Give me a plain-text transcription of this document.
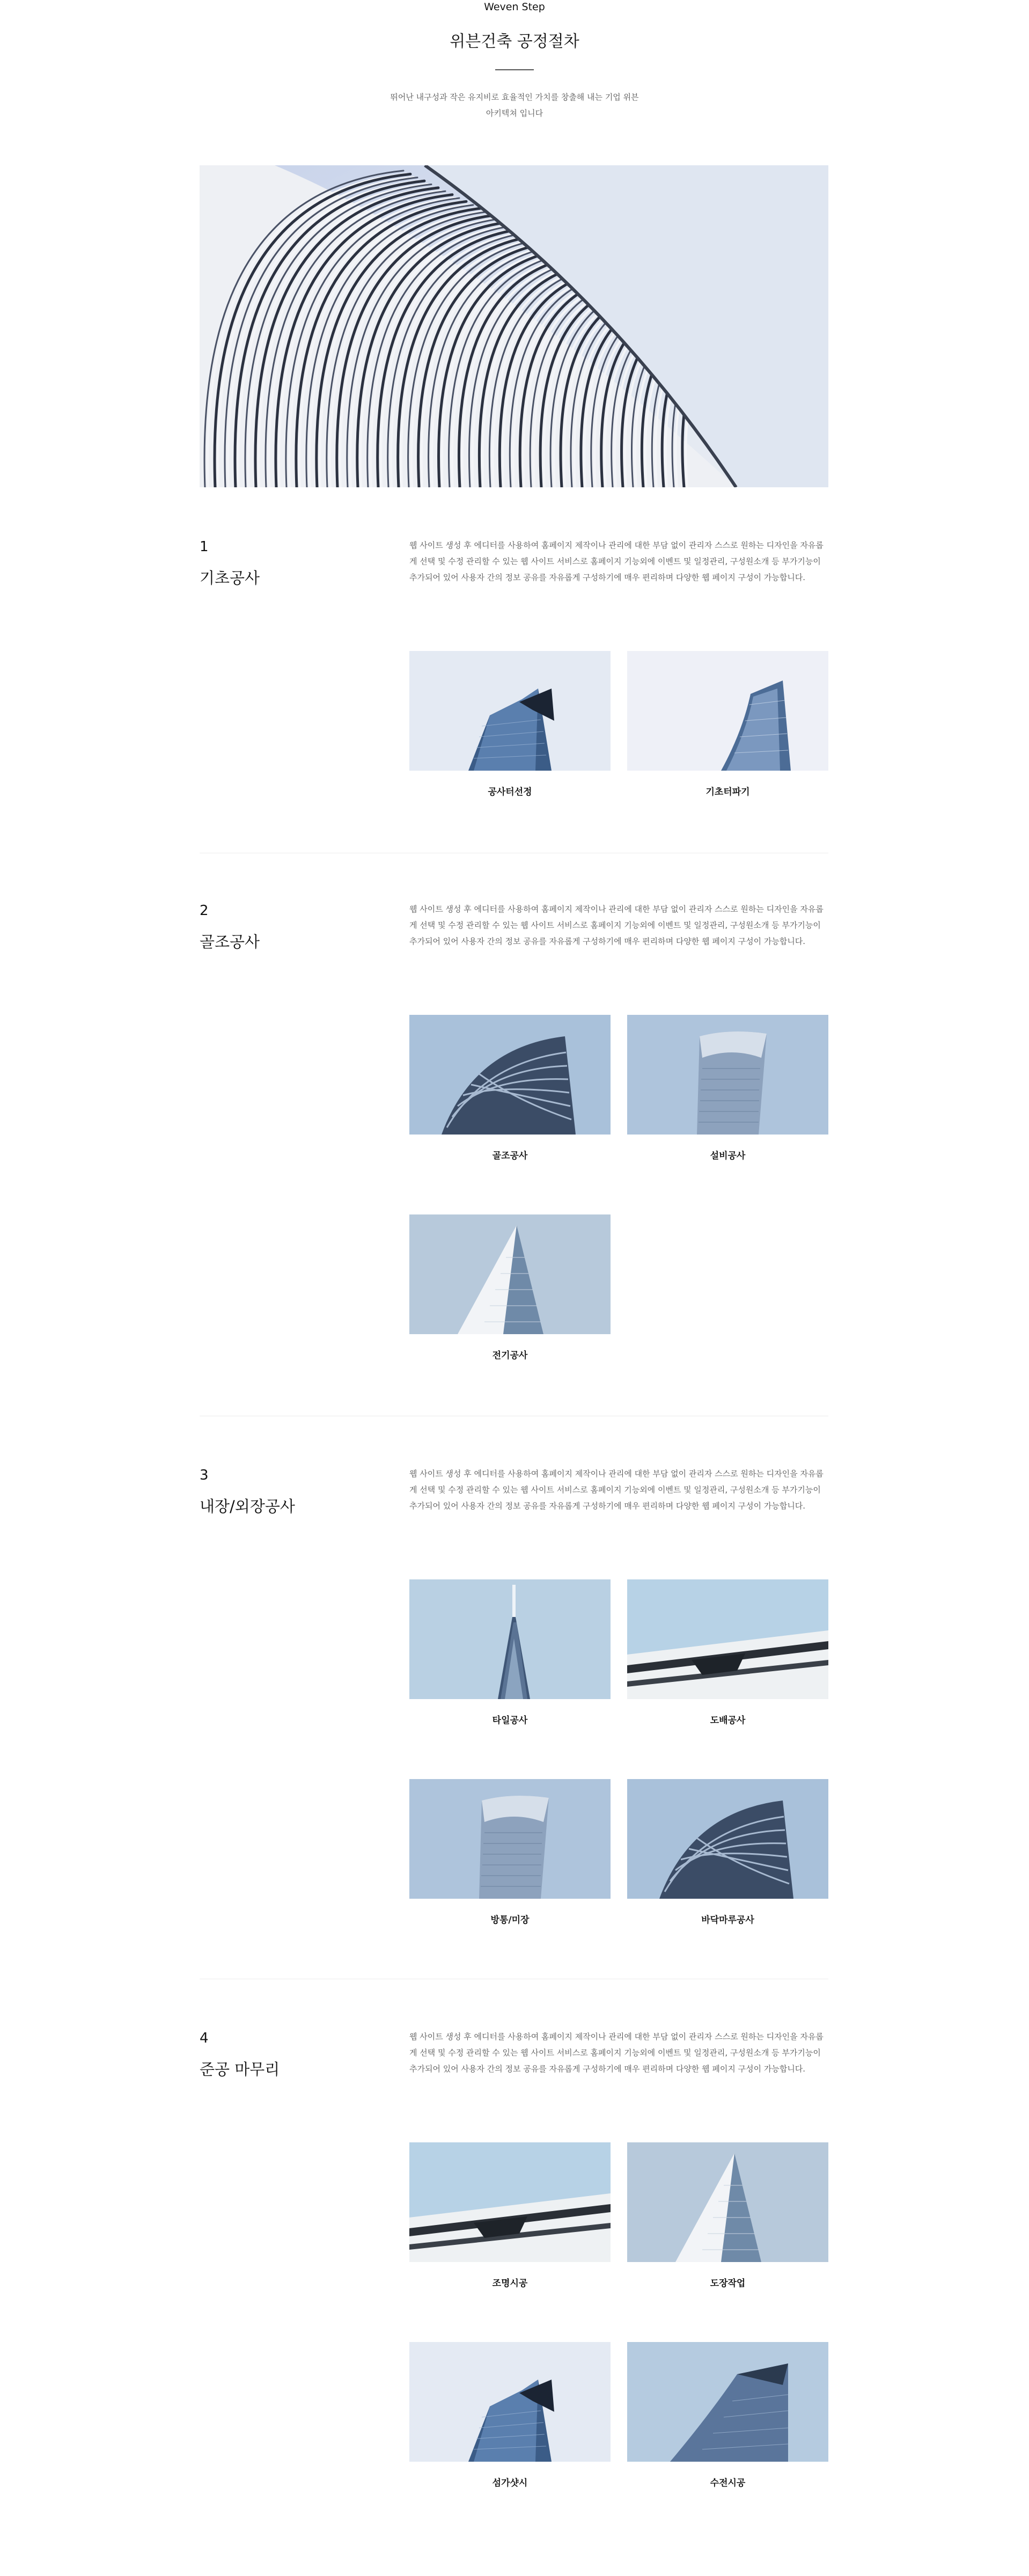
Weven Step
위븐건축 공정절차
뛰어난 내구성과 작은 유지비로 효율적인 가치를 창출해 내는 기업 위븐
아키텍쳐 입니다
1
기초공사
웹 사이트 생성 후 에디터를 사용하여 홈페이지 제작이나 관리에 대한 부담 없이 관리자 스스로 원하는 디자인을 자유롭게 선택 및 수정 관리할 수 있는 웹 사이트 서비스로 홈페이지 기능외에 이벤트 및 일정관리, 구성원소개 등 부가기능이 추가되어 있어 사용자 간의 정보 공유를 자유롭게 구성하기에 매우 편리하며 다양한 웹 페이지 구성이 가능합니다.
공사터선정	기초터파기
2
골조공사
웹 사이트 생성 후 에디터를 사용하여 홈페이지 제작이나 관리에 대한 부담 없이 관리자 스스로 원하는 디자인을 자유롭게 선택 및 수정 관리할 수 있는 웹 사이트 서비스로 홈페이지 기능외에 이벤트 및 일정관리, 구성원소개 등 부가기능이 추가되어 있어 사용자 간의 정보 공유를 자유롭게 구성하기에 매우 편리하며 다양한 웹 페이지 구성이 가능합니다.
골조공사	설비공사
전기공사
3
내장/외장공사
웹 사이트 생성 후 에디터를 사용하여 홈페이지 제작이나 관리에 대한 부담 없이 관리자 스스로 원하는 디자인을 자유롭게 선택 및 수정 관리할 수 있는 웹 사이트 서비스로 홈페이지 기능외에 이벤트 및 일정관리, 구성원소개 등 부가기능이 추가되어 있어 사용자 간의 정보 공유를 자유롭게 구성하기에 매우 편리하며 다양한 웹 페이지 구성이 가능합니다.
타일공사	도배공사
방통/미장	바닥마루공사
4
준공 마무리
웹 사이트 생성 후 에디터를 사용하여 홈페이지 제작이나 관리에 대한 부담 없이 관리자 스스로 원하는 디자인을 자유롭게 선택 및 수정 관리할 수 있는 웹 사이트 서비스로 홈페이지 기능외에 이벤트 및 일정관리, 구성원소개 등 부가기능이 추가되어 있어 사용자 간의 정보 공유를 자유롭게 구성하기에 매우 편리하며 다양한 웹 페이지 구성이 가능합니다.
조명시공	도장작업
섬가샷시	수전시공
